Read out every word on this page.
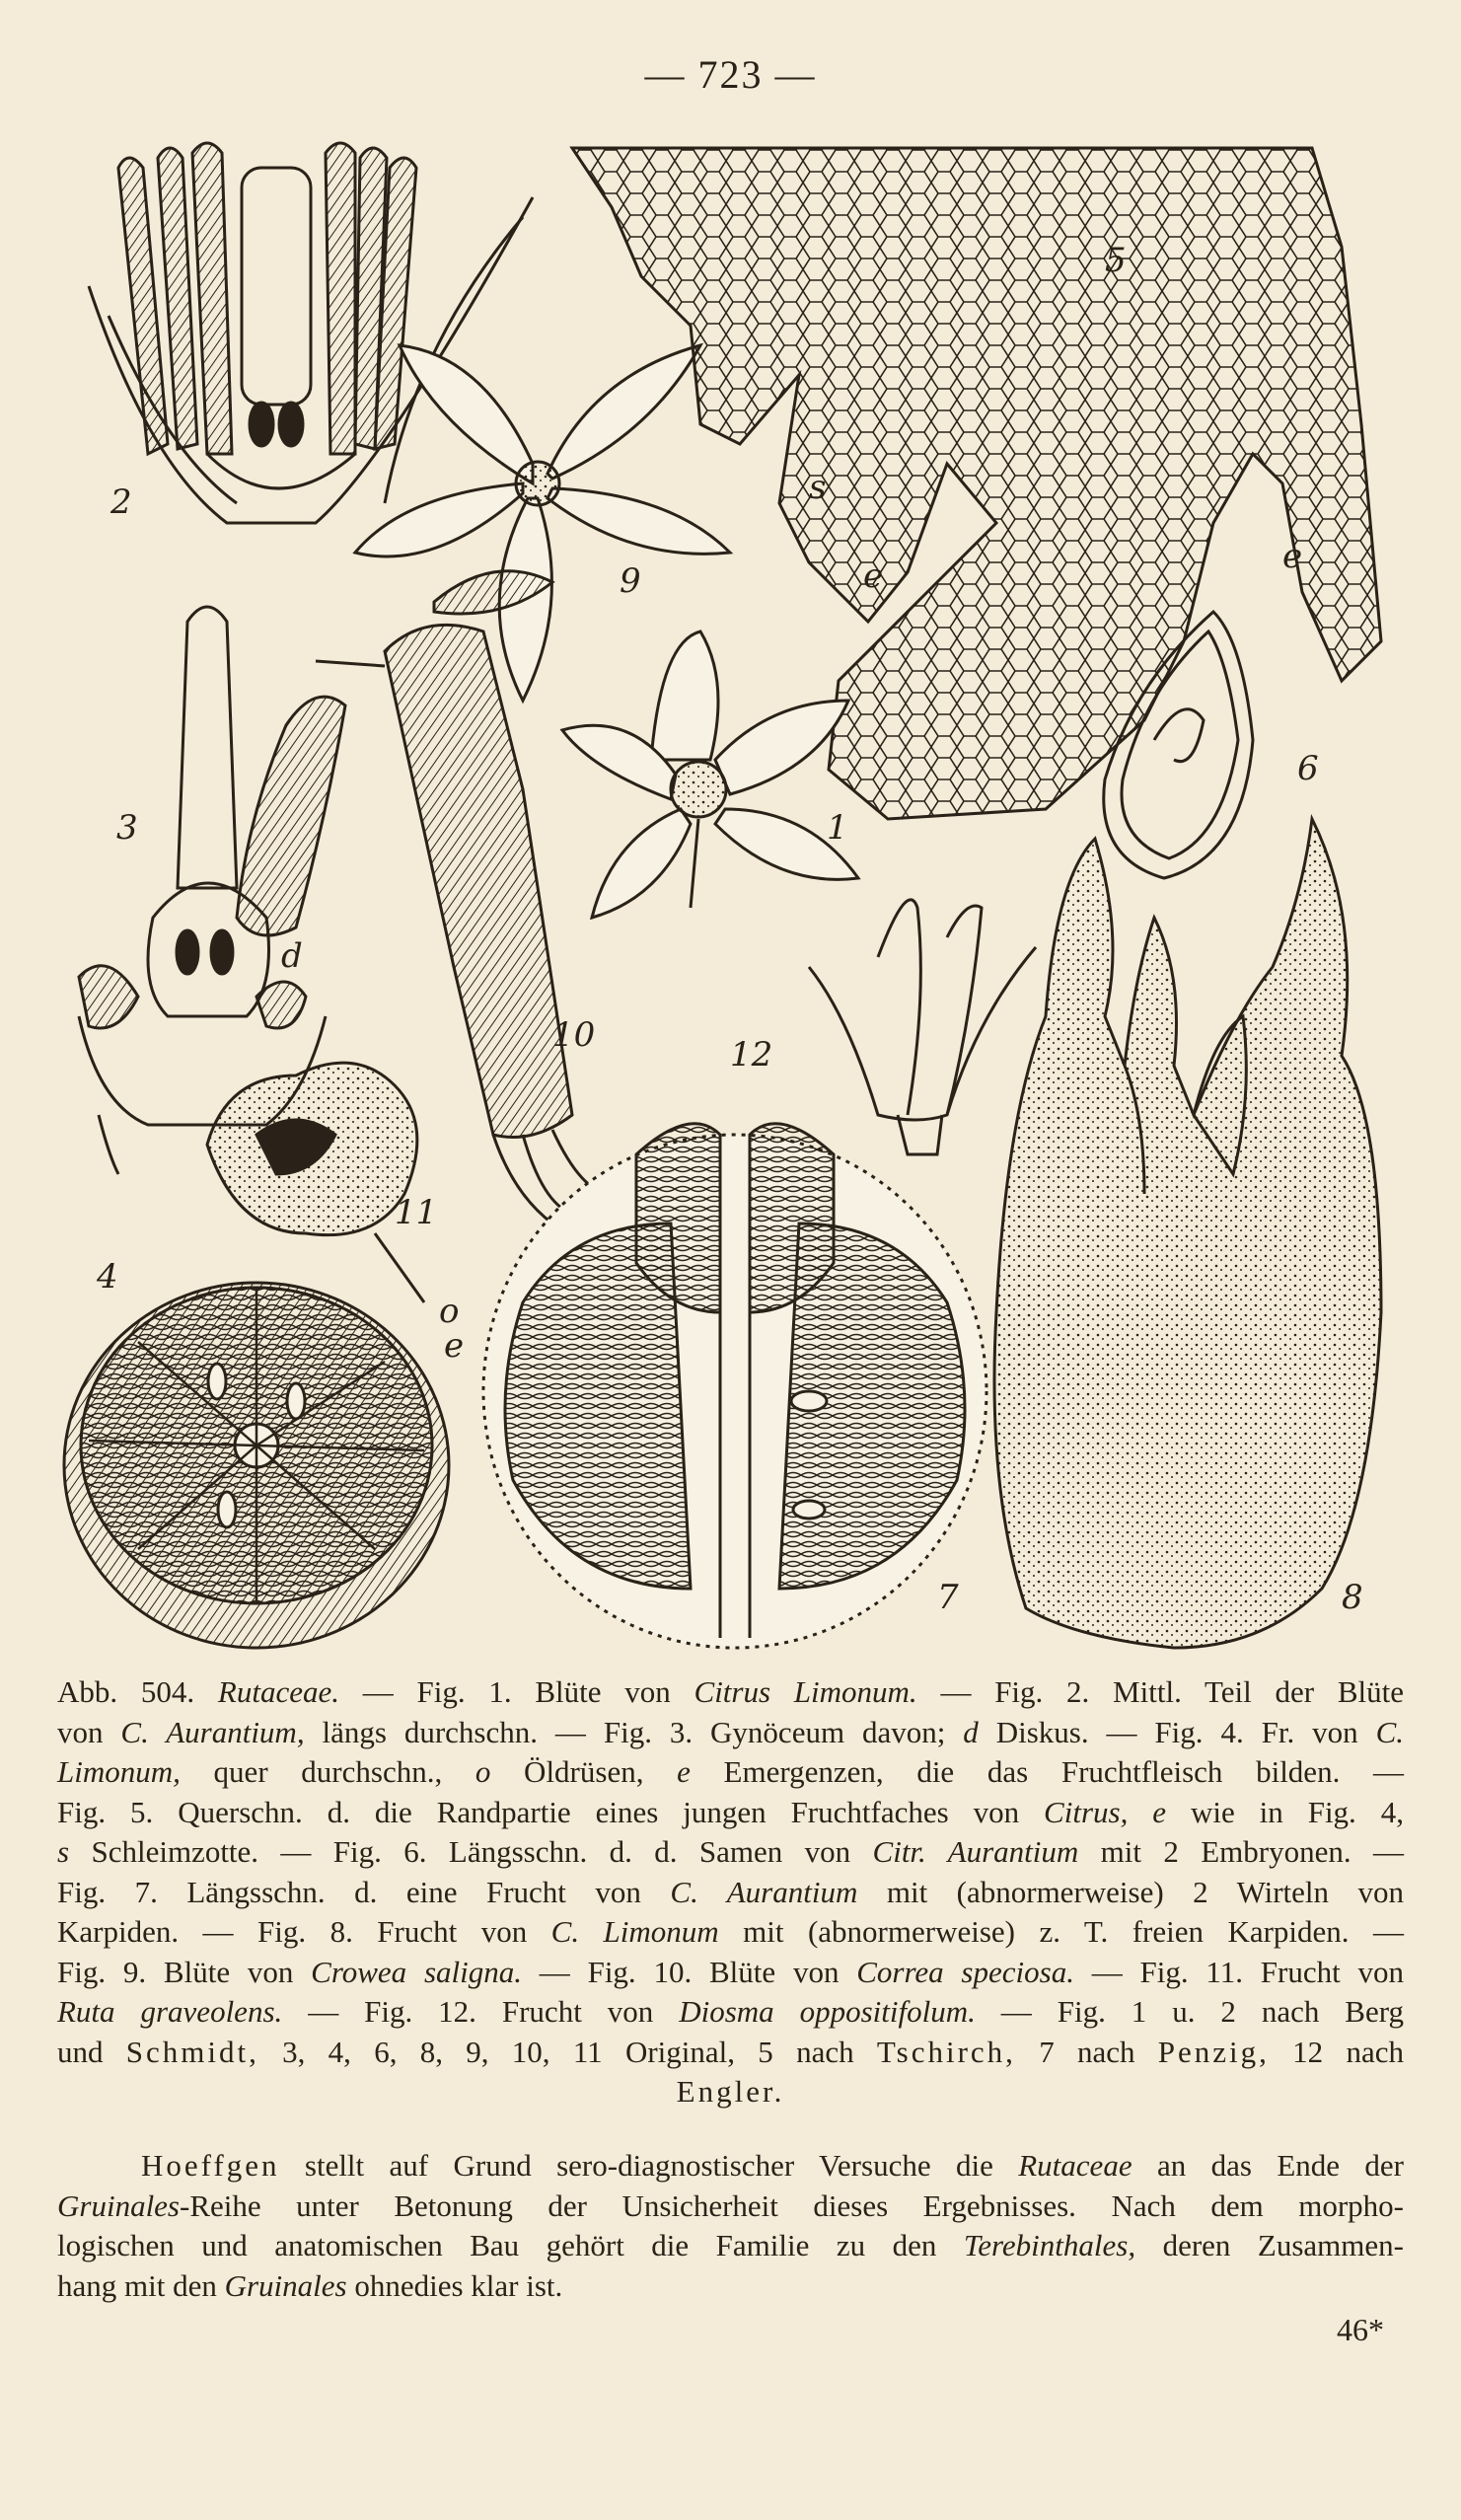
— 723 —
2
9
5
s
e	e
6
3
d
10
1
12
11
4
o
e
7	8
Abb. 504. Rutaceae. — Fig. 1. Blüte von Citrus Limonum. — Fig. 2. Mittl. Teil der Blüte
von C. Aurantium, längs durchschn. — Fig. 3. Gynöceum davon; d Diskus. — Fig. 4. Fr. von C.
Limonum, quer durchschn., o Öldrüsen, e Emergenzen, die das Fruchtfleisch bilden. —
Fig. 5. Querschn. d. die Randpartie eines jungen Fruchtfaches von Citrus, e wie in Fig. 4,
s Schleimzotte. — Fig. 6. Längsschn. d. d. Samen von Citr. Aurantium mit 2 Embryonen. —
Fig. 7. Längsschn. d. eine Frucht von C. Aurantium mit (abnormerweise) 2 Wirteln von
Karpiden. — Fig. 8. Frucht von C. Limonum mit (abnormerweise) z. T. freien Karpiden. —
Fig. 9. Blüte von Crowea saligna. — Fig. 10. Blüte von Correa speciosa. — Fig. 11. Frucht von
Ruta graveolens. — Fig. 12. Frucht von Diosma oppositifolum. — Fig. 1 u. 2 nach Berg
und Schmidt, 3, 4, 6, 8, 9, 10, 11 Original, 5 nach Tschirch, 7 nach Penzig, 12 nach
Engler.
Hoeffgen stellt auf Grund sero-diagnostischer Versuche die Rutaceae an das Ende der
Gruinales-Reihe unter Betonung der Unsicherheit dieses Ergebnisses. Nach dem morpho-
logischen und anatomischen Bau gehört die Familie zu den Terebinthales, deren Zusammen-
hang mit den Gruinales ohnedies klar ist.
46*
